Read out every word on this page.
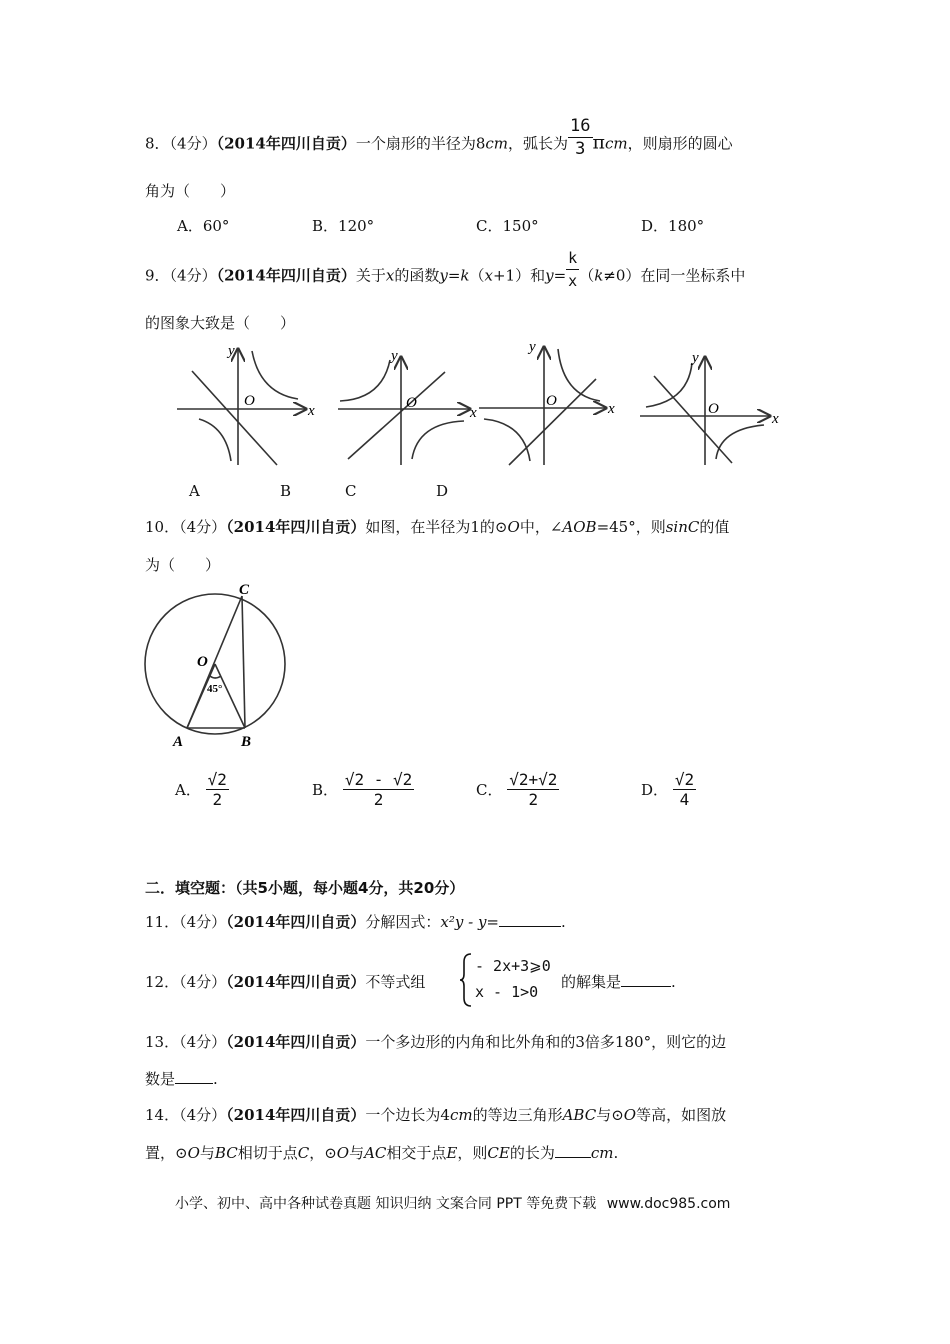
8．（4分）（2014年四川自贡）一个扇形的半径为8cm，弧长为 $\frac{16}{3}$ πcm，则扇形的圆心
角为（　　）
A．60°	B．120°	C．150°	D．180°
9．（4分）（2014年四川自贡）关于x的函数y=k（x+1）和$y= \frac{k}{x} (k\ne 0)$在同一坐标系中
的图象大致是（　　）
y
x
O
y
x
O
y
x
O
y
x
O
A	B	C	D
10．（4分）（2014年四川自贡）如图，在半径为1的⊙O中，∠AOB=45°，则sinC的值
为（　　）
C
O
45°
A	B
A． $\frac{√2}{2}$	B． $\frac{√2 - √2}{2}$	C． $\frac{√2+√2}{2}$	D． $\frac{√2}{4}$
二．填空题：（共5小题，每小题4分，共20分）
11．（4分）（2014年四川自贡）分解因式：x²y - y=	.
12．（4分）（2014年四川自贡）不等式组
- 2x+3⩾0
x - 1>0
的解集是	.
13．（4分）（2014年四川自贡）一个多边形的内角和比外角和的3倍多180°，则它的边
数是	.
14．（4分）（2014年四川自贡）一个边长为4cm的等边三角形ABC与⊙O等高，如图放
置，⊙O与BC相切于点C，⊙O与AC相交于点E，则CE的长为 cm.
小学、初中、高中各种试卷真题 知识归纳 文案合同 PPT 等免费下载 www.doc985.com
